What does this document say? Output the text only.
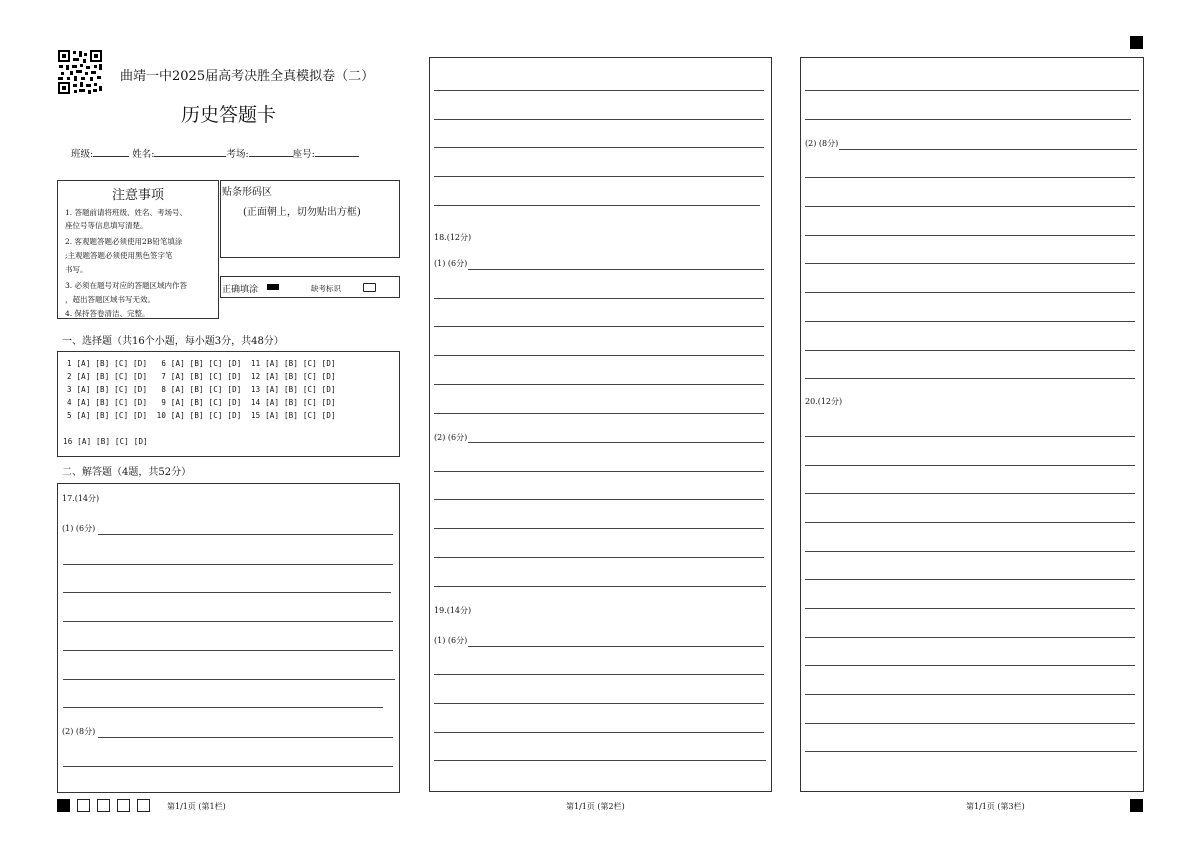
曲靖一中2025届高考决胜全真模拟卷（二）
历史答题卡
班级:	姓名:	考场:	座号:
注意事项
1. 答题前请将班级、姓名、考场号、
座位号等信息填写清楚。
2. 客观题答题必须使用2B铅笔填涂
;主观题答题必须使用黑色签字笔
书写。
3. 必须在题号对应的答题区域内作答
，超出答题区域书写无效。
4. 保持答卷清洁、完整。
贴条形码区
(正面朝上，切勿贴出方框)
正确填涂	缺考标识
一、选择题（共16个小题，每小题3分，共48分）
1 [A] [B] [C] [D] 6 [A] [B] [C] [D] 11 [A] [B] [C] [D]
2 [A] [B] [C] [D] 7 [A] [B] [C] [D] 12 [A] [B] [C] [D]
3 [A] [B] [C] [D] 8 [A] [B] [C] [D] 13 [A] [B] [C] [D]
4 [A] [B] [C] [D] 9 [A] [B] [C] [D] 14 [A] [B] [C] [D]
5 [A] [B] [C] [D] 10 [A] [B] [C] [D] 15 [A] [B] [C] [D]
16 [A] [B] [C] [D]
二、解答题（4题，共52分）
17.(14分)
(1) (6分)
(2) (8分)
18.(12分)
(1) (6分)
(2) (6分)
19.(14分)
(1) (6分)
(2) (8分)
20.(12分)
第1/1页 (第1栏)	第1/1页 (第2栏)	第1/1页 (第3栏)
